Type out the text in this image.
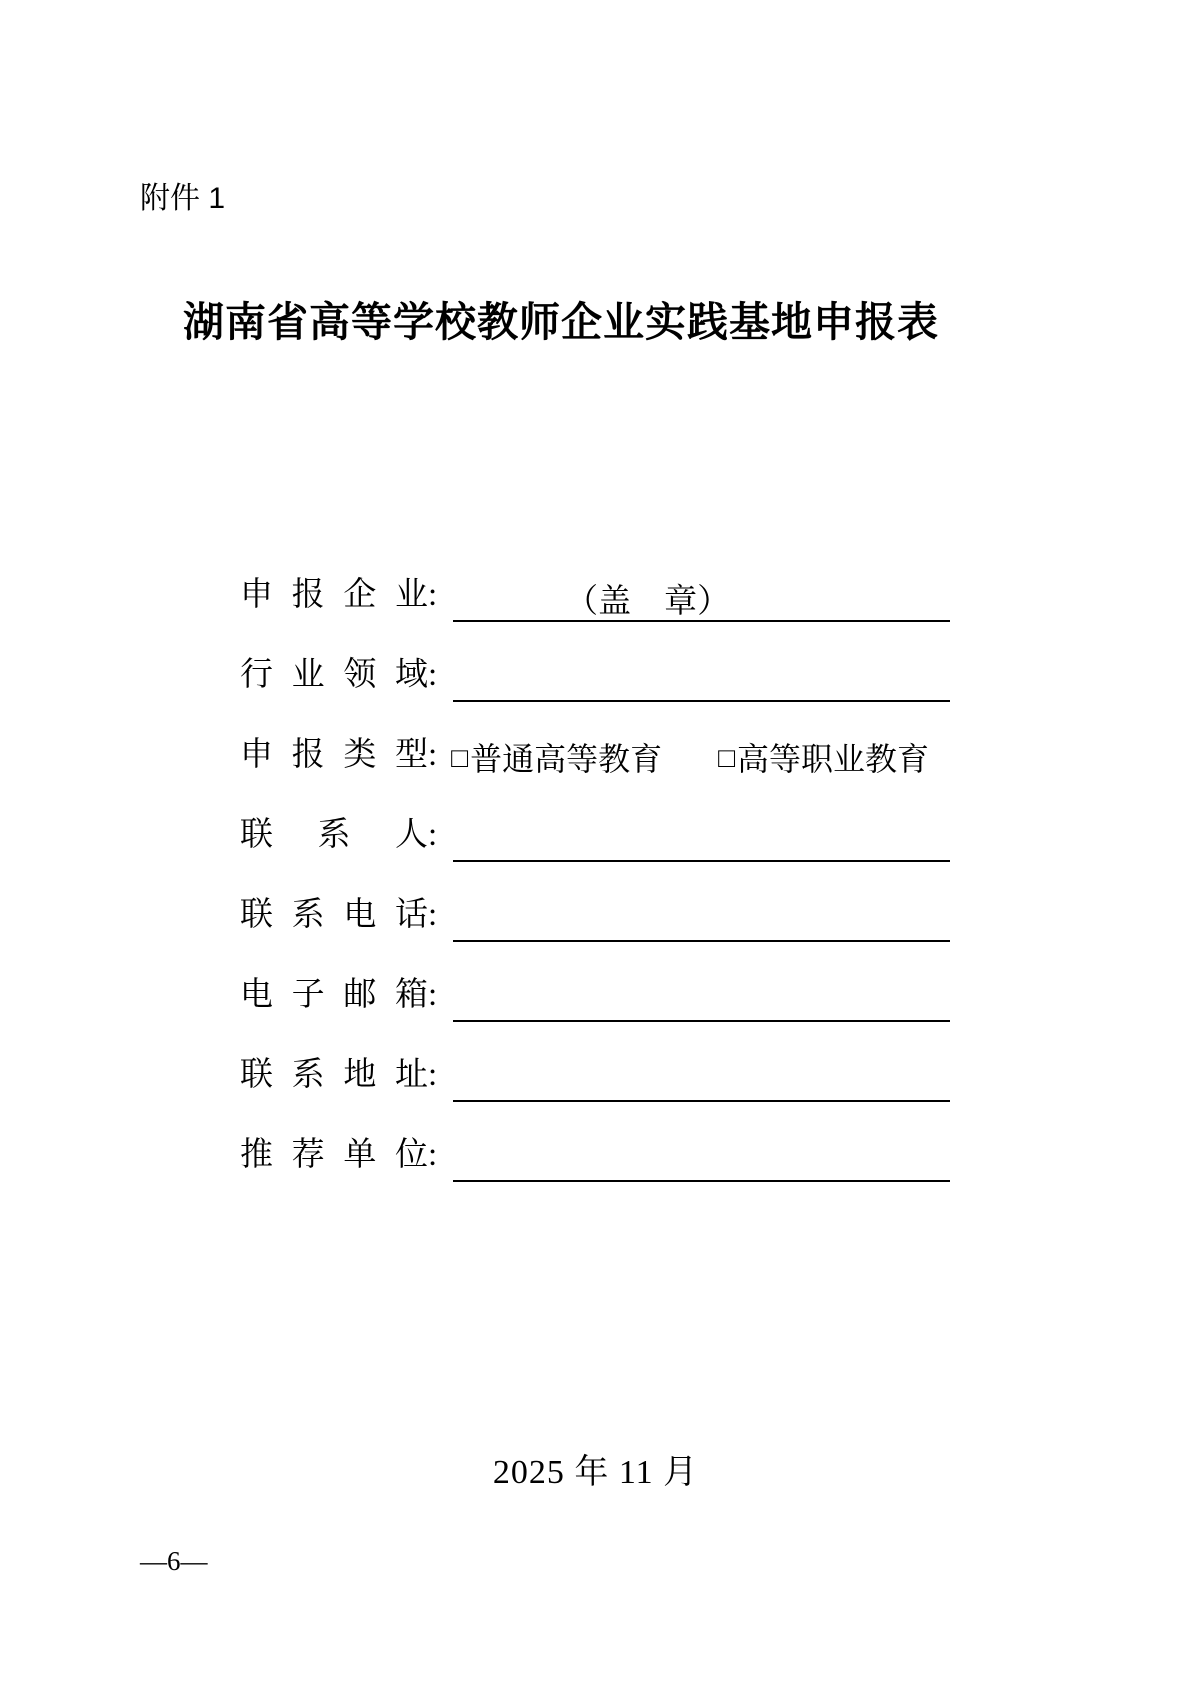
附件 1
湖南省高等学校教师企业实践基地申报表
申报企业 :	（盖　章）
行业领域 :
申报类型 : □ 普通高等教育 □ 高等职业教育
联系人 :
联系电话 :
电子邮箱 :
联系地址 :
推荐单位 :
2025 年 11 月
—6—
